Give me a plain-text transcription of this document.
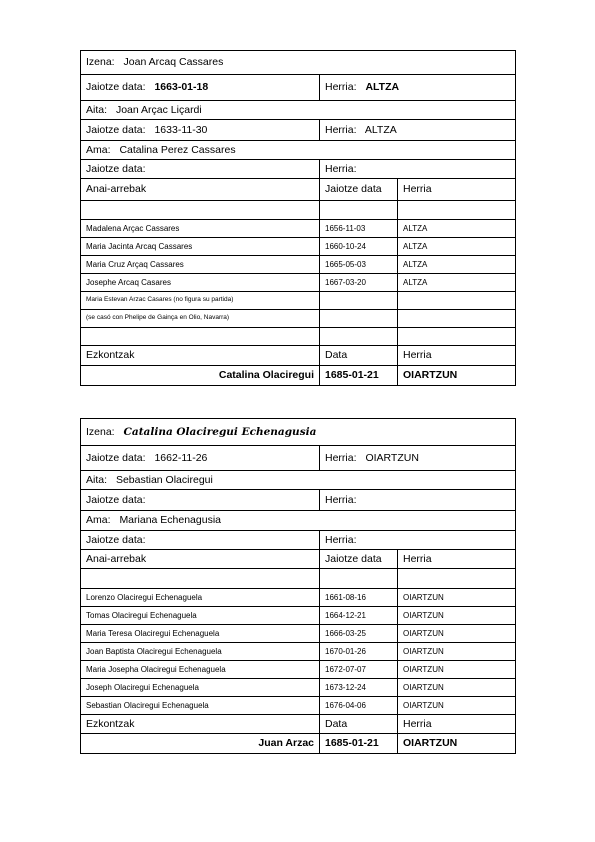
Izena: Joan Arcaq Cassares		
Jaiotze data: 1663-01-18	Herria: ALTZA	
Aita: Joan Arçac Liçardi		
Jaiotze data: 1633-11-30	Herria: ALTZA	
Ama: Catalina Perez Cassares		
Jaiotze data:	Herria:	
Anai-arrebak	Jaiotze data	Herria

Madalena Arçac Cassares	1656-11-03	ALTZA
Maria Jacinta Arcaq Cassares	1660-10-24	ALTZA
Maria Cruz Arçaq Cassares	1665-05-03	ALTZA
Josephe Arcaq Casares	1667-03-20	ALTZA
Maria Estevan Arzac Casares (no figura su partida)		
(se casó con Phelipe de Gainça en Olio, Navarra)		

Ezkontzak	Data	Herria
Catalina Olaciregui	1685-01-21	OIARTZUN
Izena: Catalina Olaciregui Echenagusia		
Jaiotze data: 1662-11-26	Herria: OIARTZUN	
Aita: Sebastian Olaciregui		
Jaiotze data:	Herria:	
Ama: Mariana Echenagusia		
Jaiotze data:	Herria:	
Anai-arrebak	Jaiotze data	Herria

Lorenzo Olaciregui Echenaguela	1661-08-16	OIARTZUN
Tomas Olaciregui Echenaguela	1664-12-21	OIARTZUN
Maria Teresa Olaciregui Echenaguela	1666-03-25	OIARTZUN
Joan Baptista Olaciregui Echenaguela	1670-01-26	OIARTZUN
Maria Josepha Olaciregui Echenaguela	1672-07-07	OIARTZUN
Joseph Olaciregui Echenaguela	1673-12-24	OIARTZUN
Sebastian Olaciregui Echenaguela	1676-04-06	OIARTZUN
Ezkontzak	Data	Herria
Juan Arzac	1685-01-21	OIARTZUN
